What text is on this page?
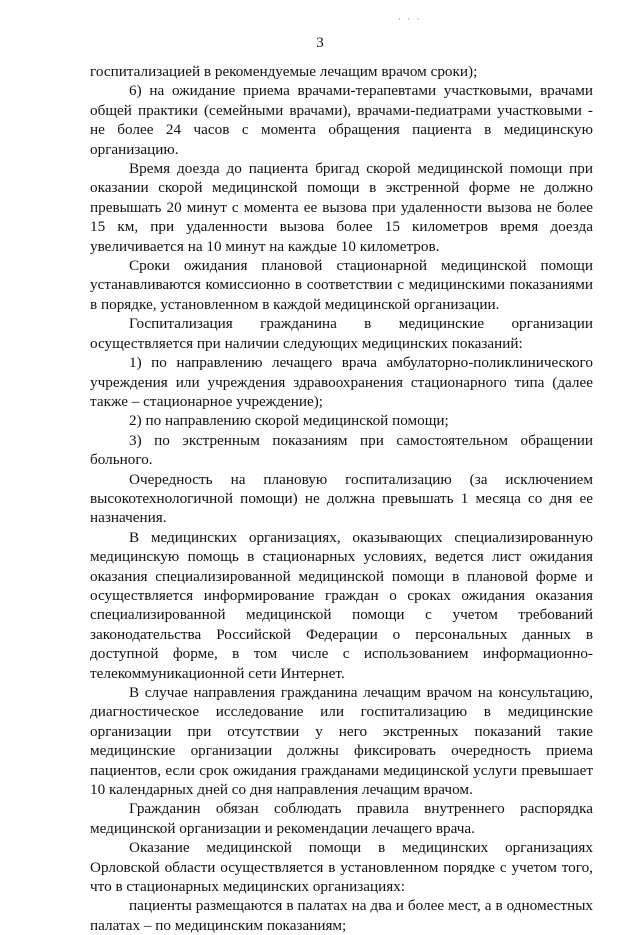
· · ·
3

госпитализацией в рекомендуемые лечащим врачом сроки);

6) на ожидание приема врачами-терапевтами участковыми, врачами общей практики (семейными врачами), врачами-педиатрами участковыми - не более 24 часов с момента обращения пациента в медицинскую организацию.

Время доезда до пациента бригад скорой медицинской помощи при оказании скорой медицинской помощи в экстренной форме не должно превышать 20 минут с момента ее вызова при удаленности вызова не более 15 км, при удаленности вызова более 15 километров время доезда увеличивается на 10 минут на каждые 10 километров.

Сроки ожидания плановой стационарной медицинской помощи устанавливаются комиссионно в соответствии с медицинскими показаниями в порядке, установленном в каждой медицинской организации.

Госпитализация гражданина в медицинские организации осуществляется при наличии следующих медицинских показаний:

1) по направлению лечащего врача амбулаторно-поликлинического учреждения или учреждения здравоохранения стационарного типа (далее также – стационарное учреждение);

2) по направлению скорой медицинской помощи;

3) по экстренным показаниям при самостоятельном обращении больного.

Очередность на плановую госпитализацию (за исключением высокотехнологичной помощи) не должна превышать 1 месяца со дня ее назначения.

В медицинских организациях, оказывающих специализированную медицинскую помощь в стационарных условиях, ведется лист ожидания оказания специализированной медицинской помощи в плановой форме и осуществляется информирование граждан о сроках ожидания оказания специализированной медицинской помощи с учетом требований законодательства Российской Федерации о персональных данных в доступной форме, в том числе с использованием информационно-телекоммуникационной сети Интернет.

В случае направления гражданина лечащим врачом на консультацию, диагностическое исследование или госпитализацию в медицинские организации при отсутствии у него экстренных показаний такие медицинские организации должны фиксировать очередность приема пациентов, если срок ожидания гражданами медицинской услуги превышает 10 календарных дней со дня направления лечащим врачом.

Гражданин обязан соблюдать правила внутреннего распорядка медицинской организации и рекомендации лечащего врача.

Оказание медицинской помощи в медицинских организациях Орловской области осуществляется в установленном порядке с учетом того, что в стационарных медицинских организациях:

пациенты размещаются в палатах на два и более мест, а в одноместных палатах – по медицинским показаниям;
